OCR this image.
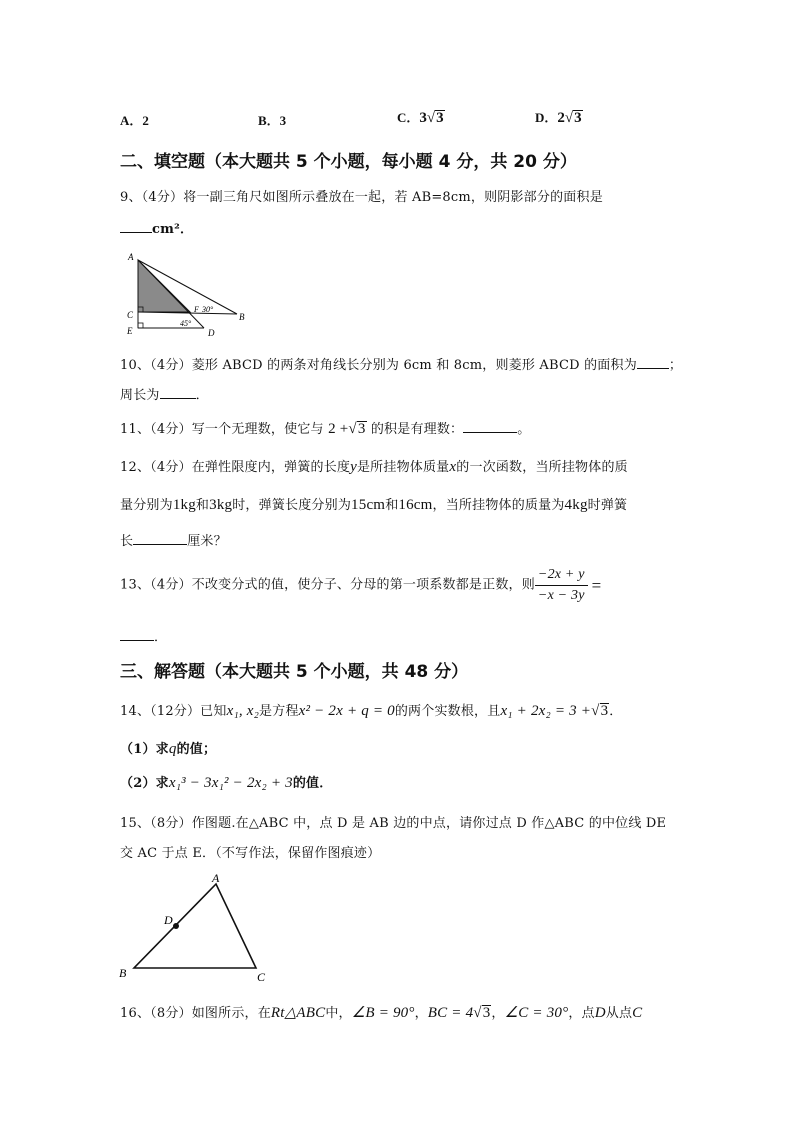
A．2	B．3	C．3√3	D．2√3
二、填空题（本大题共 5 个小题，每小题 4 分，共 20 分）
9、（4分）将一副三角尺如图所示叠放在一起，若 AB=8cm，则阴影部分的面积是
cm²．
A
B
C
D
E
F 30°
45°
10、（4分）菱形 ABCD 的两条对角线长分别为 6cm 和 8cm，则菱形 ABCD 的面积为 ；
周长为	．
11、（4分）写一个无理数，使它与 2 +√3 的积是有理数：	。
12、（4分）在弹性限度内，弹簧的长度y是所挂物体质量x的一次函数，当所挂物体的质
量分别为1kg和3kg时，弹簧长度分别为15cm和16cm，当所挂物体的质量为4kg时弹簧
长	厘米？
13、（4分）不改变分式的值，使分子、分母的第一项系数都是正数，则 $\frac{-2x + y}{-x - 3y}$ =
．
三、解答题（本大题共 5 个小题，共 48 分）
14、（12分）已知x₁, x₂是方程x² − 2x + q = 0的两个实数根，且x₁ + 2x₂ = 3 +√3．
（1）求q的值；
（2）求x₁³ − 3x₁² − 2x₂ + 3的值．
15、（8分）作图题.在△ABC 中，点 D 是 AB 边的中点，请你过点 D 作△ABC 的中位线 DE
交 AC 于点 E．（不写作法，保留作图痕迹）
A
B	C
D
16、（8分）如图所示，在Rt△ABC中，∠B = 90°，BC = 4√3，∠C = 30°，点D从点C
